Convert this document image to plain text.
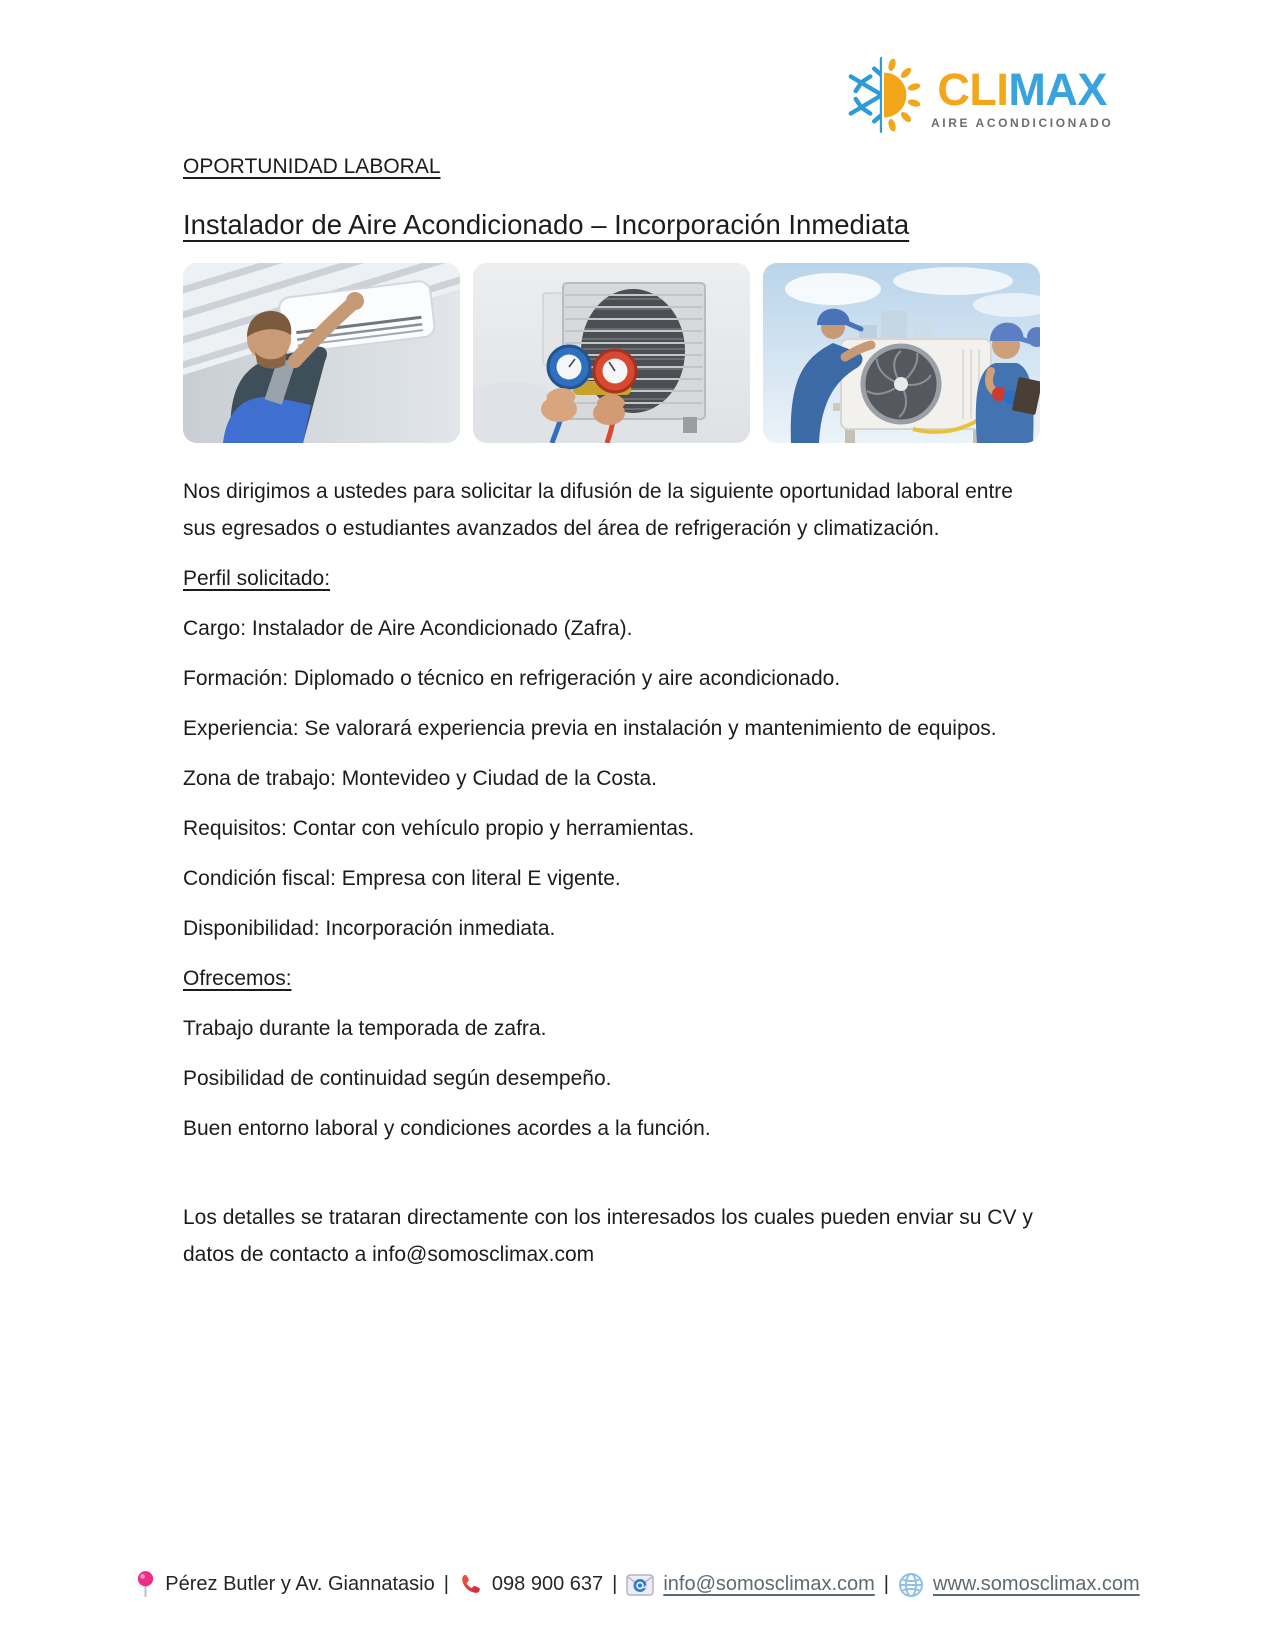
CLIMAX
AIRE ACONDICIONADO

OPORTUNIDAD LABORAL

Instalador de Aire Acondicionado – Incorporación Inmediata

Nos dirigimos a ustedes para solicitar la difusión de la siguiente oportunidad laboral entre sus egresados o estudiantes avanzados del área de refrigeración y climatización.

Perfil solicitado:

Cargo: Instalador de Aire Acondicionado (Zafra).

Formación: Diplomado o técnico en refrigeración y aire acondicionado.

Experiencia: Se valorará experiencia previa en instalación y mantenimiento de equipos.

Zona de trabajo: Montevideo y Ciudad de la Costa.

Requisitos: Contar con vehículo propio y herramientas.

Condición fiscal: Empresa con literal E vigente.

Disponibilidad: Incorporación inmediata.

Ofrecemos:

Trabajo durante la temporada de zafra.

Posibilidad de continuidad según desempeño.

Buen entorno laboral y condiciones acordes a la función.

Los detalles se trataran directamente con los interesados los cuales pueden enviar su CV y datos de contacto a info@somosclimax.com

Pérez Butler y Av. Giannatasio | 098 900 637 | info@somosclimax.com | www.somosclimax.com
